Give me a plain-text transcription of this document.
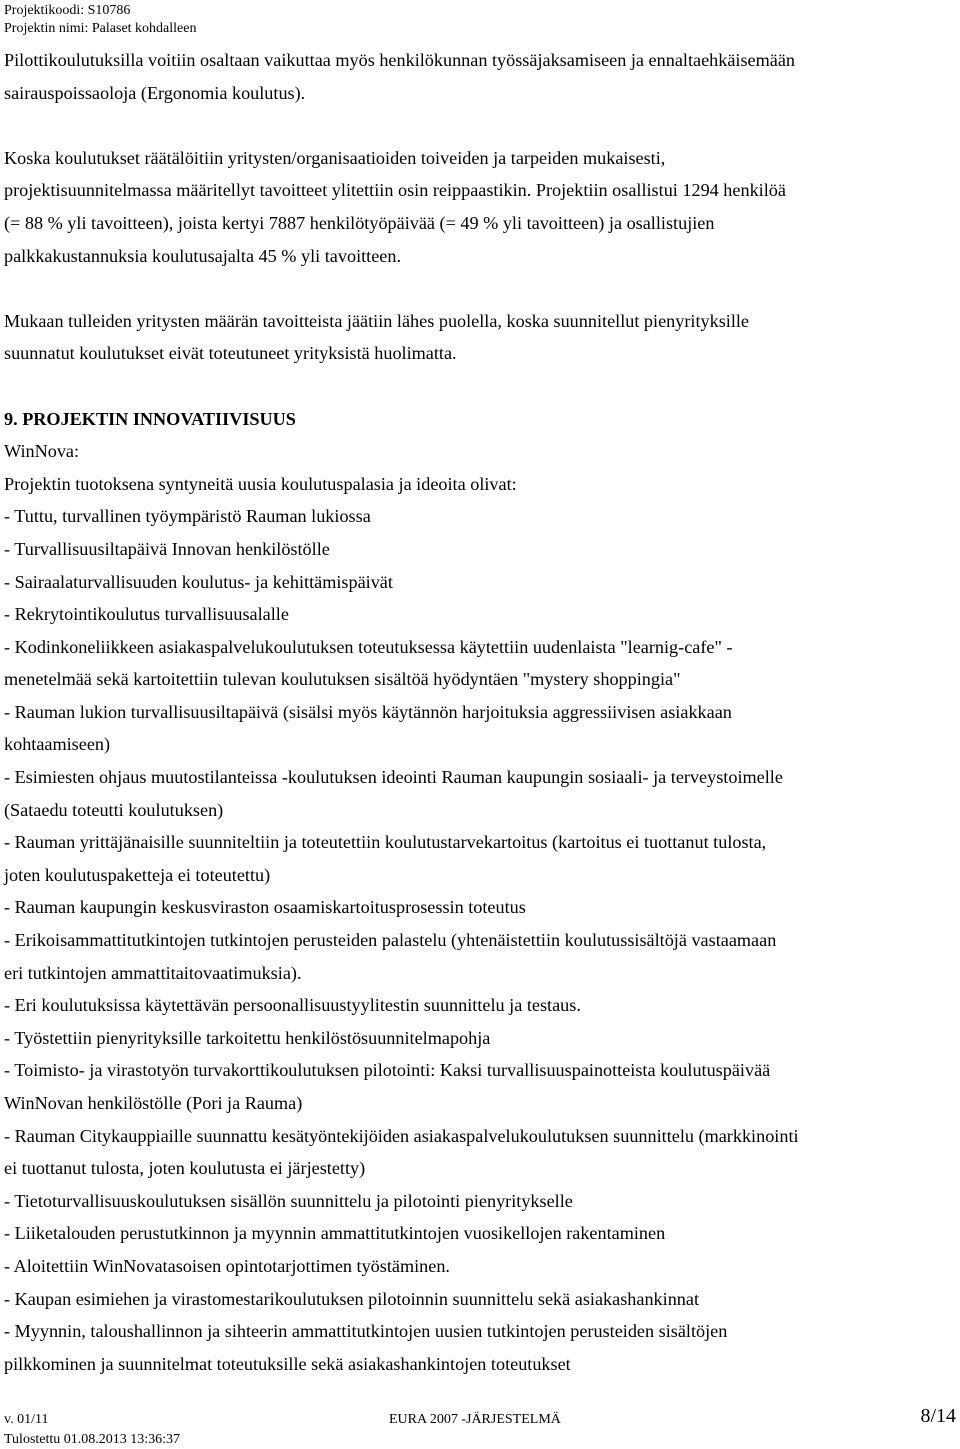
Projektikoodi: S10786
Projektin nimi: Palaset kohdalleen

Pilottikoulutuksilla voitiin osaltaan vaikuttaa myös henkilökunnan työssäjaksamiseen ja ennaltaehkäisemään
sairauspoissaoloja (Ergonomia koulutus).

Koska koulutukset räätälöitiin yritysten/organisaatioiden toiveiden ja tarpeiden mukaisesti,
projektisuunnitelmassa määritellyt tavoitteet ylitettiin osin reippaastikin. Projektiin osallistui 1294 henkilöä
(= 88 % yli tavoitteen), joista kertyi 7887 henkilötyöpäivää (= 49 % yli tavoitteen) ja osallistujien
palkkakustannuksia koulutusajalta 45 % yli tavoitteen.

Mukaan tulleiden yritysten määrän tavoitteista jäätiin lähes puolella, koska suunnitellut pienyrityksille
suunnatut koulutukset eivät toteutuneet yrityksistä huolimatta.

9. PROJEKTIN INNOVATIIVISUUS

WinNova:
Projektin tuotoksena syntyneitä uusia koulutuspalasia ja ideoita olivat:
- Tuttu, turvallinen työympäristö Rauman lukiossa
- Turvallisuusiltapäivä Innovan henkilöstölle
- Sairaalaturvallisuuden koulutus- ja kehittämispäivät
- Rekrytointikoulutus turvallisuusalalle
- Kodinkoneliikkeen asiakaspalvelukoulutuksen toteutuksessa käytettiin uudenlaista "learnig-cafe" -
menetelmää sekä kartoitettiin tulevan koulutuksen sisältöä hyödyntäen "mystery shoppingia"
- Rauman lukion turvallisuusiltapäivä (sisälsi myös käytännön harjoituksia aggressiivisen asiakkaan
kohtaamiseen)
- Esimiesten ohjaus muutostilanteissa -koulutuksen ideointi Rauman kaupungin sosiaali- ja terveystoimelle
(Sataedu toteutti koulutuksen)
- Rauman yrittäjänaisille suunniteltiin ja toteutettiin koulutustarvekartoitus (kartoitus ei tuottanut tulosta,
joten koulutuspaketteja ei toteutettu)
- Rauman kaupungin keskusviraston osaamiskartoitusprosessin toteutus
- Erikoisammattitutkintojen tutkintojen perusteiden palastelu (yhtenäistettiin koulutussisältöjä vastaamaan
eri tutkintojen ammattitaitovaatimuksia).
- Eri koulutuksissa käytettävän persoonallisuustyylitestin suunnittelu ja testaus.
- Työstettiin pienyrityksille tarkoitettu henkilöstösuunnitelmapohja
- Toimisto- ja virastotyön turvakorttikoulutuksen pilotointi: Kaksi turvallisuuspainotteista koulutuspäivää
WinNovan henkilöstölle (Pori ja Rauma)
- Rauman Citykauppiaille suunnattu kesätyöntekijöiden asiakaspalvelukoulutuksen suunnittelu (markkinointi
ei tuottanut tulosta, joten koulutusta ei järjestetty)
- Tietoturvallisuuskoulutuksen sisällön suunnittelu ja pilotointi pienyritykselle
- Liiketalouden perustutkinnon ja myynnin ammattitutkintojen vuosikellojen rakentaminen
- Aloitettiin WinNovatasoisen opintotarjottimen työstäminen.
- Kaupan esimiehen ja virastomestarikoulutuksen pilotoinnin suunnittelu sekä asiakashankinnat
- Myynnin, taloushallinnon ja sihteerin ammattitutkintojen uusien tutkintojen perusteiden sisältöjen
pilkkominen ja suunnitelmat toteutuksille sekä asiakashankintojen toteutukset
v. 01/11	EURA 2007 -JÄRJESTELMÄ	8/14
Tulostettu 01.08.2013 13:36:37
